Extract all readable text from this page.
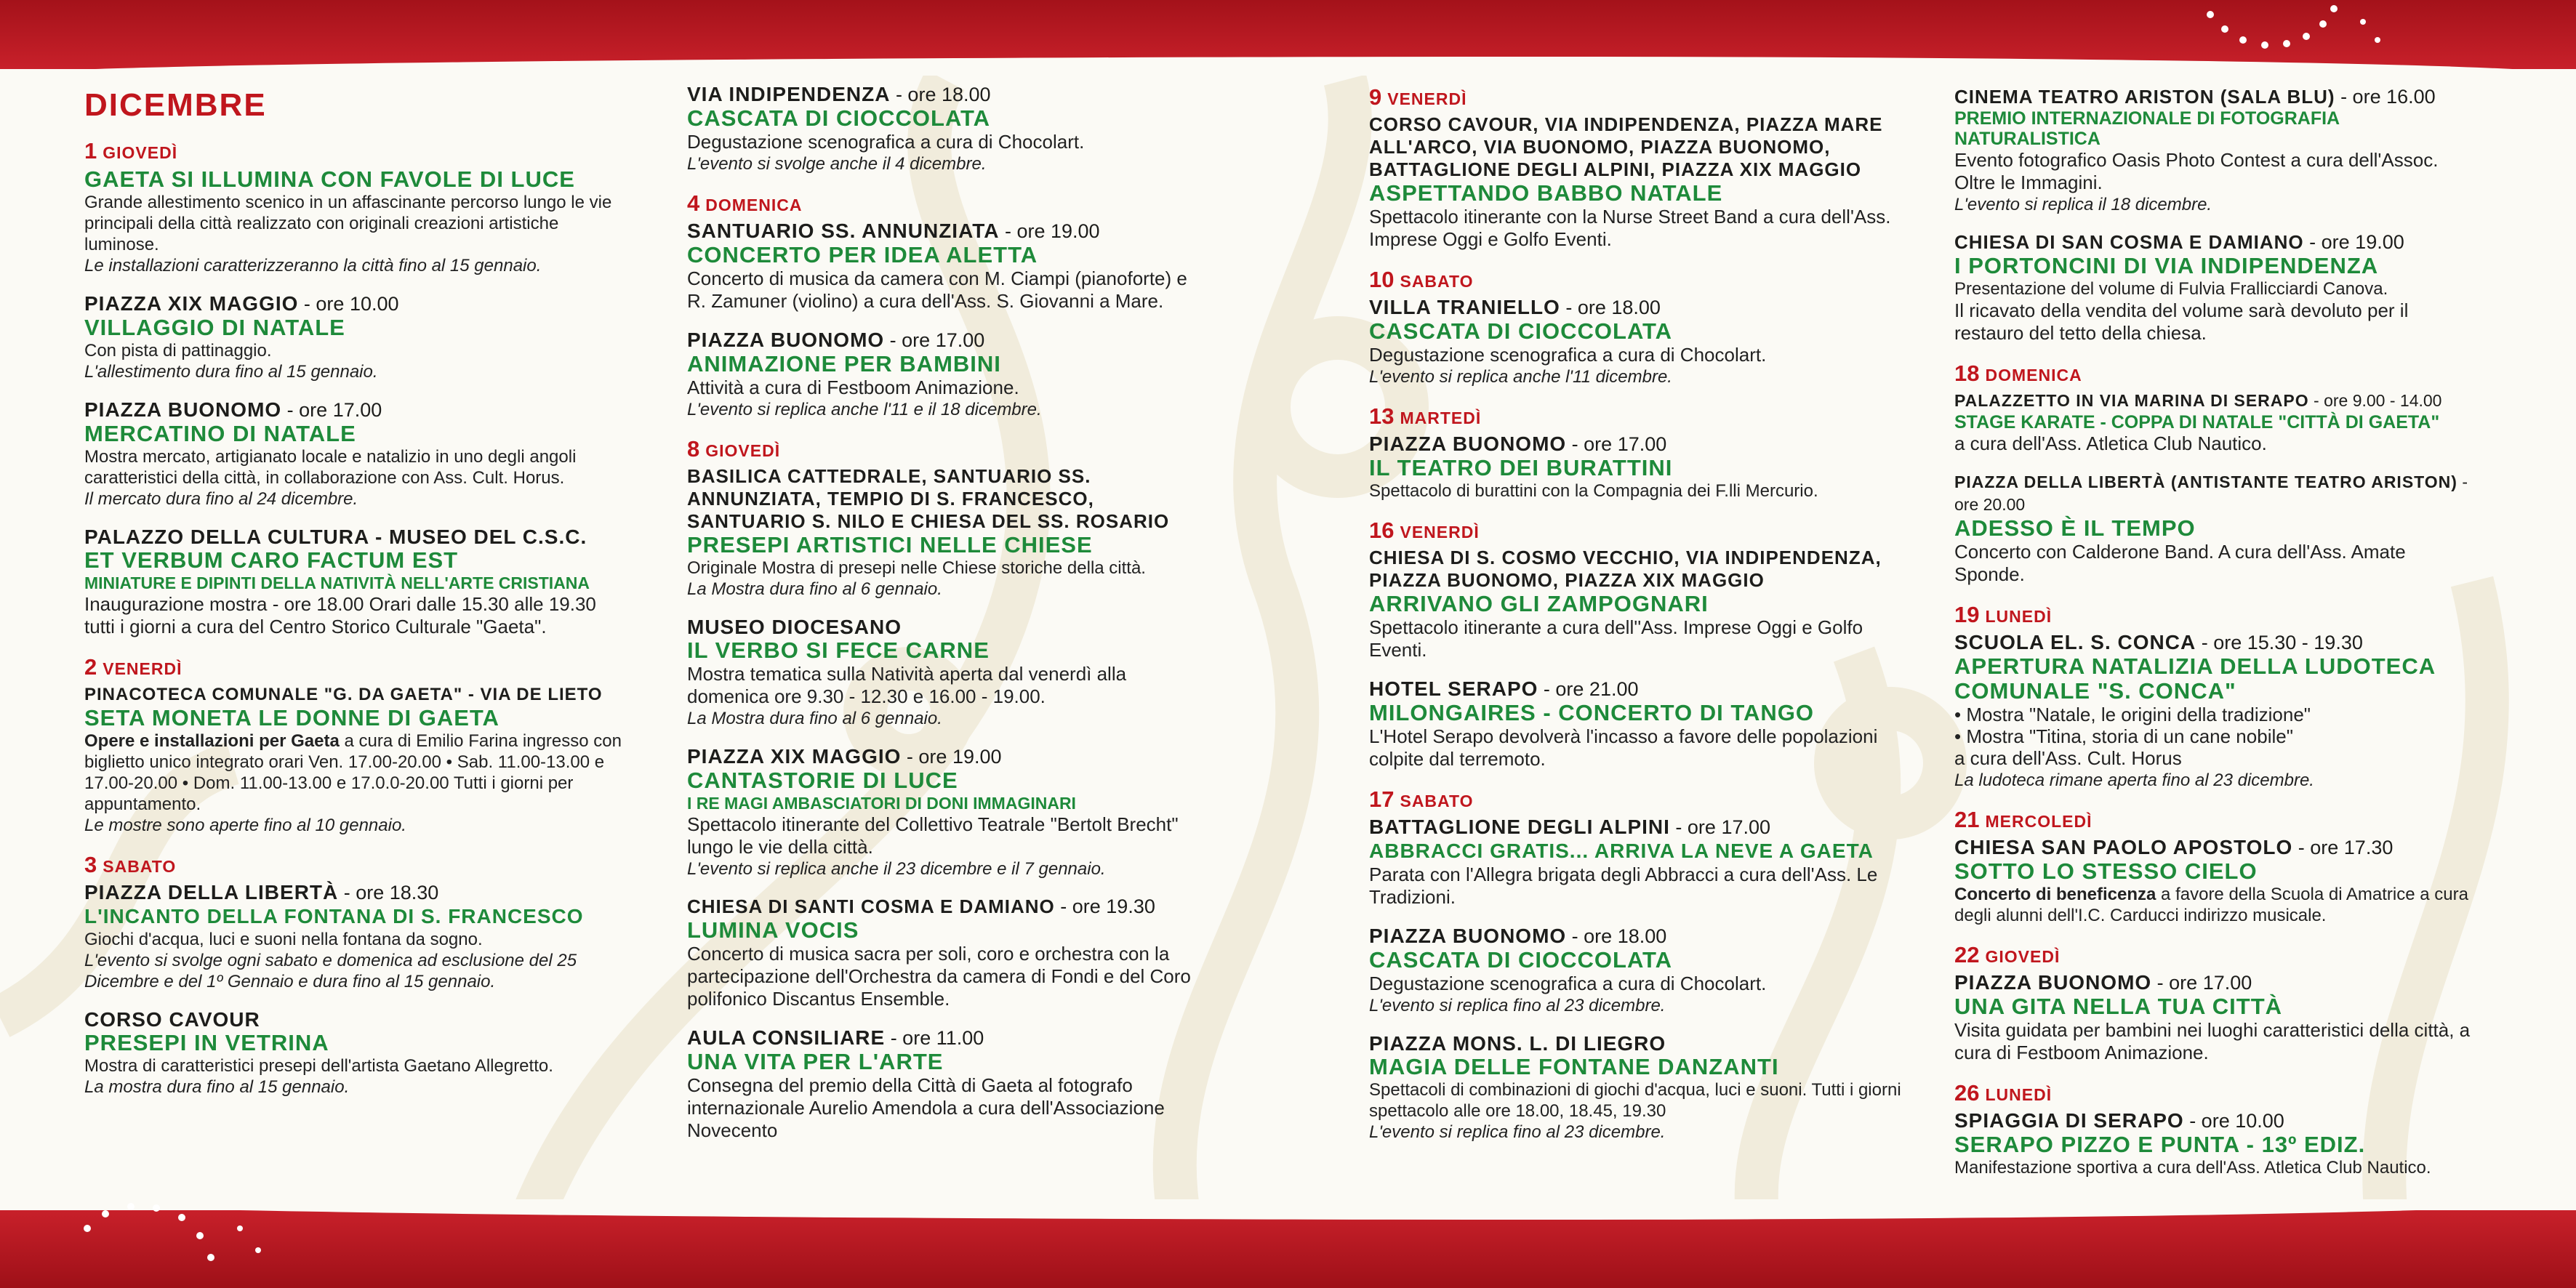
DICEMBRE
1 GIOVEDÌ
GAETA SI ILLUMINA CON FAVOLE DI LUCE
Grande allestimento scenico in un affascinante percorso lungo le vie principali della città realizzato con originali creazioni artistiche luminose.
Le installazioni caratterizzeranno la città fino al 15 gennaio.
PIAZZA XIX MAGGIO - ore 10.00
VILLAGGIO DI NATALE
Con pista di pattinaggio.
L'allestimento dura fino al 15 gennaio.
PIAZZA BUONOMO - ore 17.00
MERCATINO DI NATALE
Mostra mercato, artigianato locale e natalizio in uno degli angoli caratteristici della città, in collaborazione con Ass. Cult. Horus.
Il mercato dura fino al 24 dicembre.
PALAZZO DELLA CULTURA - MUSEO DEL C.S.C.
ET VERBUM CARO FACTUM EST
MINIATURE E DIPINTI DELLA NATIVITÀ NELL'ARTE CRISTIANA
Inaugurazione mostra - ore 18.00 Orari dalle 15.30 alle 19.30 tutti i giorni a cura del Centro Storico Culturale "Gaeta".
2 VENERDÌ
PINACOTECA COMUNALE "G. DA GAETA" - VIA DE LIETO
SETA MONETA LE DONNE DI GAETA
Opere e installazioni per Gaeta a cura di Emilio Farina ingresso con biglietto unico integrato orari Ven. 17.00-20.00 • Sab. 11.00-13.00 e 17.00-20.00 • Dom. 11.00-13.00 e 17.0.0-20.00 Tutti i giorni per appuntamento.
Le mostre sono aperte fino al 10 gennaio.
3 SABATO
PIAZZA DELLA LIBERTÀ - ore 18.30
L'INCANTO DELLA FONTANA DI S. FRANCESCO
Giochi d'acqua, luci e suoni nella fontana da sogno.
L'evento si svolge ogni sabato e domenica ad esclusione del 25 Dicembre e del 1º Gennaio e dura fino al 15 gennaio.
CORSO CAVOUR
PRESEPI IN VETRINA
Mostra di caratteristici presepi dell'artista Gaetano Allegretto.
La mostra dura fino al 15 gennaio.
VIA INDIPENDENZA - ore 18.00
CASCATA DI CIOCCOLATA
Degustazione scenografica a cura di Chocolart.
L'evento si svolge anche il 4 dicembre.
4 DOMENICA
SANTUARIO SS. ANNUNZIATA - ore 19.00
CONCERTO PER IDEA ALETTA
Concerto di musica da camera con M. Ciampi (pianoforte) e R. Zamuner (violino) a cura dell'Ass. S. Giovanni a Mare.
PIAZZA BUONOMO - ore 17.00
ANIMAZIONE PER BAMBINI
Attività a cura di Festboom Animazione.
L'evento si replica anche l'11 e il 18 dicembre.
8 GIOVEDÌ
BASILICA CATTEDRALE, SANTUARIO SS. ANNUNZIATA, TEMPIO DI S. FRANCESCO, SANTUARIO S. NILO E CHIESA DEL SS. ROSARIO
PRESEPI ARTISTICI NELLE CHIESE
Originale Mostra di presepi nelle Chiese storiche della città.
La Mostra dura fino al 6 gennaio.
MUSEO DIOCESANO
IL VERBO SI FECE CARNE
Mostra tematica sulla Natività aperta dal venerdì alla domenica ore 9.30 - 12.30 e 16.00 - 19.00.
La Mostra dura fino al 6 gennaio.
PIAZZA XIX MAGGIO - ore 19.00
CANTASTORIE DI LUCE
I RE MAGI AMBASCIATORI DI DONI IMMAGINARI
Spettacolo itinerante del Collettivo Teatrale "Bertolt Brecht" lungo le vie della città.
L'evento si replica anche il 23 dicembre e il 7 gennaio.
CHIESA DI SANTI COSMA E DAMIANO - ore 19.30
LUMINA VOCIS
Concerto di musica sacra per soli, coro e orchestra con la partecipazione dell'Orchestra da camera di Fondi e del Coro polifonico Discantus Ensemble.
AULA CONSILIARE - ore 11.00
UNA VITA PER L'ARTE
Consegna del premio della Città di Gaeta al fotografo internazionale Aurelio Amendola a cura dell'Associazione Novecento
9 VENERDÌ
CORSO CAVOUR, VIA INDIPENDENZA, PIAZZA MARE ALL'ARCO, VIA BUONOMO, PIAZZA BUONOMO, BATTAGLIONE DEGLI ALPINI, PIAZZA XIX MAGGIO
ASPETTANDO BABBO NATALE
Spettacolo itinerante con la Nurse Street Band a cura dell'Ass. Imprese Oggi e Golfo Eventi.
10 SABATO
VILLA TRANIELLO - ore 18.00
CASCATA DI CIOCCOLATA
Degustazione scenografica a cura di Chocolart.
L'evento si replica anche l'11 dicembre.
13 MARTEDÌ
PIAZZA BUONOMO - ore 17.00
IL TEATRO DEI BURATTINI
Spettacolo di burattini con la Compagnia dei F.lli Mercurio.
16 VENERDÌ
CHIESA DI S. COSMO VECCHIO, VIA INDIPENDENZA, PIAZZA BUONOMO, PIAZZA XIX MAGGIO
ARRIVANO GLI ZAMPOGNARI
Spettacolo itinerante a cura dell''Ass. Imprese Oggi e Golfo Eventi.
HOTEL SERAPO - ore 21.00
MILONGAIRES - CONCERTO DI TANGO
L'Hotel Serapo devolverà l'incasso a favore delle popolazioni colpite dal terremoto.
17 SABATO
BATTAGLIONE DEGLI ALPINI - ore 17.00
ABBRACCI GRATIS... ARRIVA LA NEVE A GAETA
Parata con l'Allegra brigata degli Abbracci a cura dell'Ass. Le Tradizioni.
PIAZZA BUONOMO - ore 18.00
CASCATA DI CIOCCOLATA
Degustazione scenografica a cura di Chocolart.
L'evento si replica fino al 23 dicembre.
PIAZZA MONS. L. DI LIEGRO
MAGIA DELLE FONTANE DANZANTI
Spettacoli di combinazioni di giochi d'acqua, luci e suoni. Tutti i giorni spettacolo alle ore 18.00, 18.45, 19.30
L'evento si replica fino al 23 dicembre.
CINEMA TEATRO ARISTON (SALA BLU) - ore 16.00
PREMIO INTERNAZIONALE DI FOTOGRAFIA NATURALISTICA
Evento fotografico Oasis Photo Contest a cura dell'Assoc. Oltre le Immagini.
L'evento si replica il 18 dicembre.
CHIESA DI SAN COSMA E DAMIANO - ore 19.00
I PORTONCINI DI VIA INDIPENDENZA
Presentazione del volume di Fulvia Frallicciardi Canova.
Il ricavato della vendita del volume sarà devoluto per il restauro del tetto della chiesa.
18 DOMENICA
PALAZZETTO IN VIA MARINA DI SERAPO - ore 9.00 - 14.00
STAGE KARATE - COPPA DI NATALE "CITTÀ DI GAETA"
a cura dell'Ass. Atletica Club Nautico.
PIAZZA DELLA LIBERTÀ (ANTISTANTE TEATRO ARISTON) - ore 20.00
ADESSO È IL TEMPO
Concerto con Calderone Band. A cura dell'Ass. Amate Sponde.
19 LUNEDÌ
SCUOLA EL. S. CONCA - ore 15.30 - 19.30
APERTURA NATALIZIA DELLA LUDOTECA COMUNALE "S. CONCA"
• Mostra "Natale, le origini della tradizione"
• Mostra "Titina, storia di un cane nobile"
a cura dell'Ass. Cult. Horus
La ludoteca rimane aperta fino al 23 dicembre.
21 MERCOLEDÌ
CHIESA SAN PAOLO APOSTOLO - ore 17.30
SOTTO LO STESSO CIELO
Concerto di beneficenza a favore della Scuola di Amatrice a cura degli alunni dell'I.C. Carducci indirizzo musicale.
22 GIOVEDÌ
PIAZZA BUONOMO - ore 17.00
UNA GITA NELLA TUA CITTÀ
Visita guidata per bambini nei luoghi caratteristici della città, a cura di Festboom Animazione.
26 LUNEDÌ
SPIAGGIA DI SERAPO - ore 10.00
SERAPO PIZZO E PUNTA - 13º EDIZ.
Manifestazione sportiva a cura dell'Ass. Atletica Club Nautico.
